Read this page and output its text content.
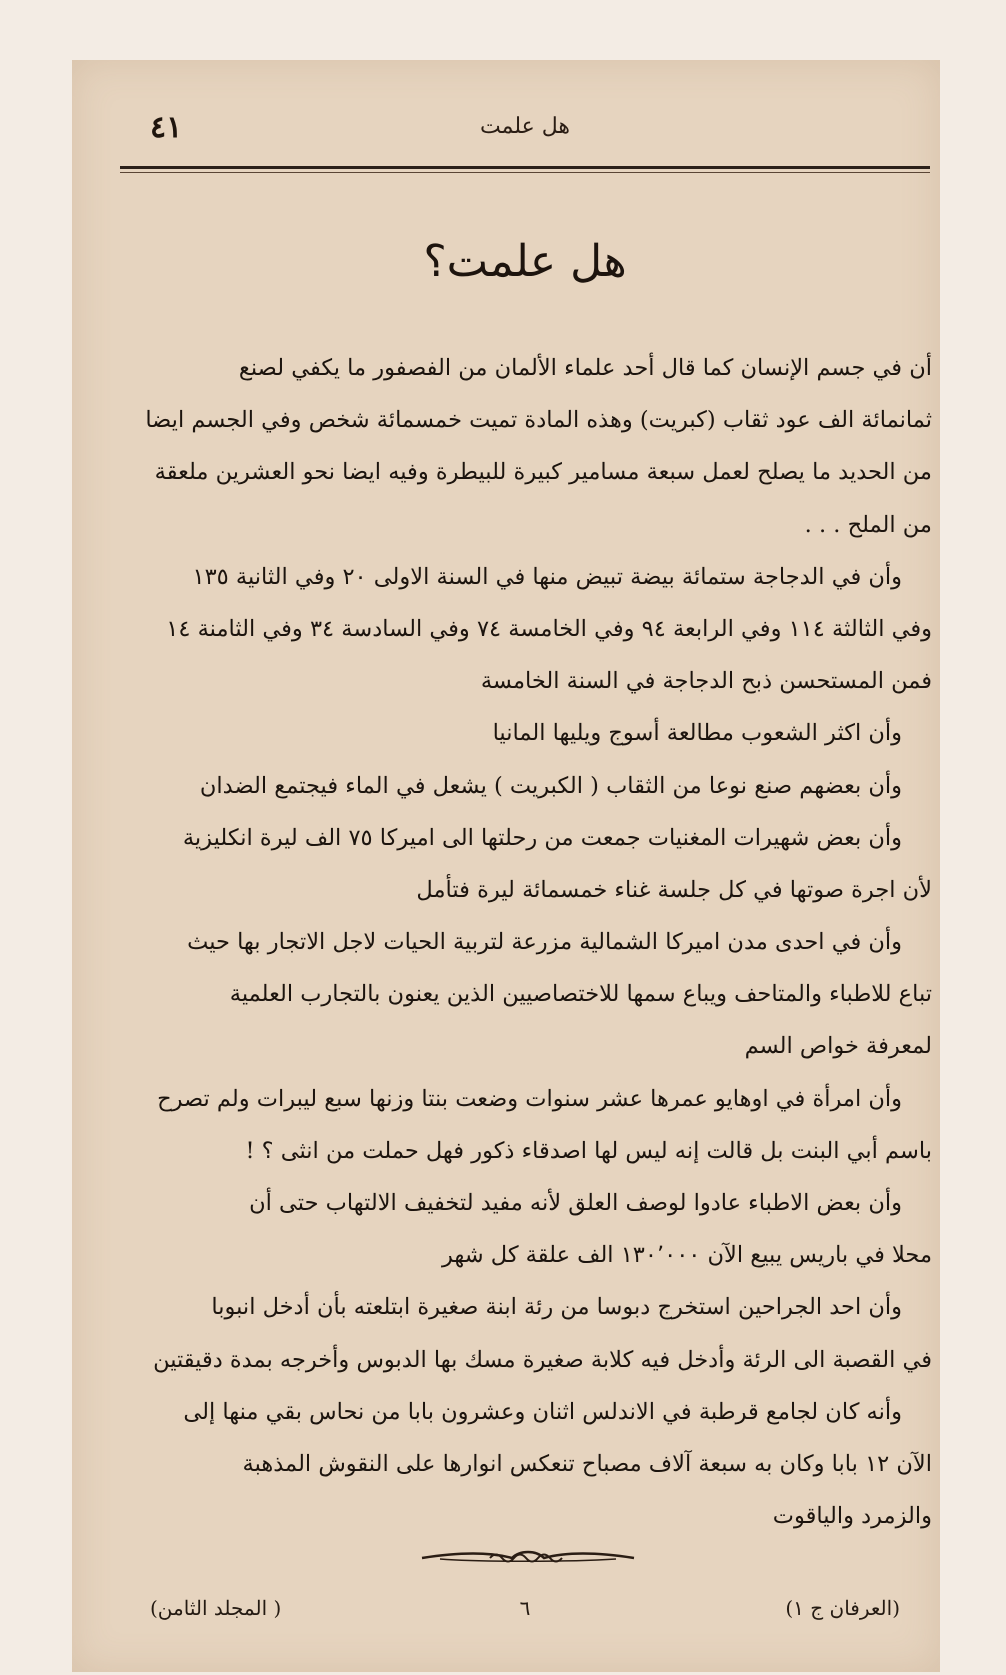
هل علمت
٤١
هل علمت؟
أن في جسم الإنسان كما قال أحد علماء الألمان من الفصفور ما يكفي لصنع
ثمانمائة الف عود ثقاب (كبريت) وهذه المادة تميت خمسمائة شخص وفي الجسم ايضا
من الحديد ما يصلح لعمل سبعة مسامير كبيرة للبيطرة وفيه ايضا نحو العشرين ملعقة
من الملح . . .
وأن في الدجاجة ستمائة بيضة تبيض منها في السنة الاولى ٢٠ وفي الثانية ١٣٥
وفي الثالثة ١١٤ وفي الرابعة ٩٤ وفي الخامسة ٧٤ وفي السادسة ٣٤ وفي الثامنة ١٤
فمن المستحسن ذبح الدجاجة في السنة الخامسة
وأن اكثر الشعوب مطالعة أسوج ويليها المانيا
وأن بعضهم صنع نوعا من الثقاب ( الكبريت ) يشعل في الماء فيجتمع الضدان
وأن بعض شهيرات المغنيات جمعت من رحلتها الى اميركا ٧٥ الف ليرة انكليزية
لأن اجرة صوتها في كل جلسة غناء خمسمائة ليرة فتأمل
وأن في احدى مدن اميركا الشمالية مزرعة لتربية الحيات لاجل الاتجار بها حيث
تباع للاطباء والمتاحف ويباع سمها للاختصاصيين الذين يعنون بالتجارب العلمية
لمعرفة خواص السم
وأن امرأة في اوهايو عمرها عشر سنوات وضعت بنتا وزنها سبع ليبرات ولم تصرح
باسم أبي البنت بل قالت إنه ليس لها اصدقاء ذكور فهل حملت من انثى ؟ !
وأن بعض الاطباء عادوا لوصف العلق لأنه مفيد لتخفيف الالتهاب حتى أن
محلا في باريس يبيع الآن ١٣٠٬٠٠٠ الف علقة كل شهر
وأن احد الجراحين استخرج دبوسا من رئة ابنة صغيرة ابتلعته بأن أدخل انبوبا
في القصبة الى الرئة وأدخل فيه كلابة صغيرة مسك بها الدبوس وأخرجه بمدة دقيقتين
وأنه كان لجامع قرطبة في الاندلس اثنان وعشرون بابا من نحاس بقي منها إلى
الآن ١٢ بابا وكان به سبعة آلاف مصباح تنعكس انوارها على النقوش المذهبة
والزمرد والياقوت
(العرفان ج ١)
٦
( المجلد الثامن)
